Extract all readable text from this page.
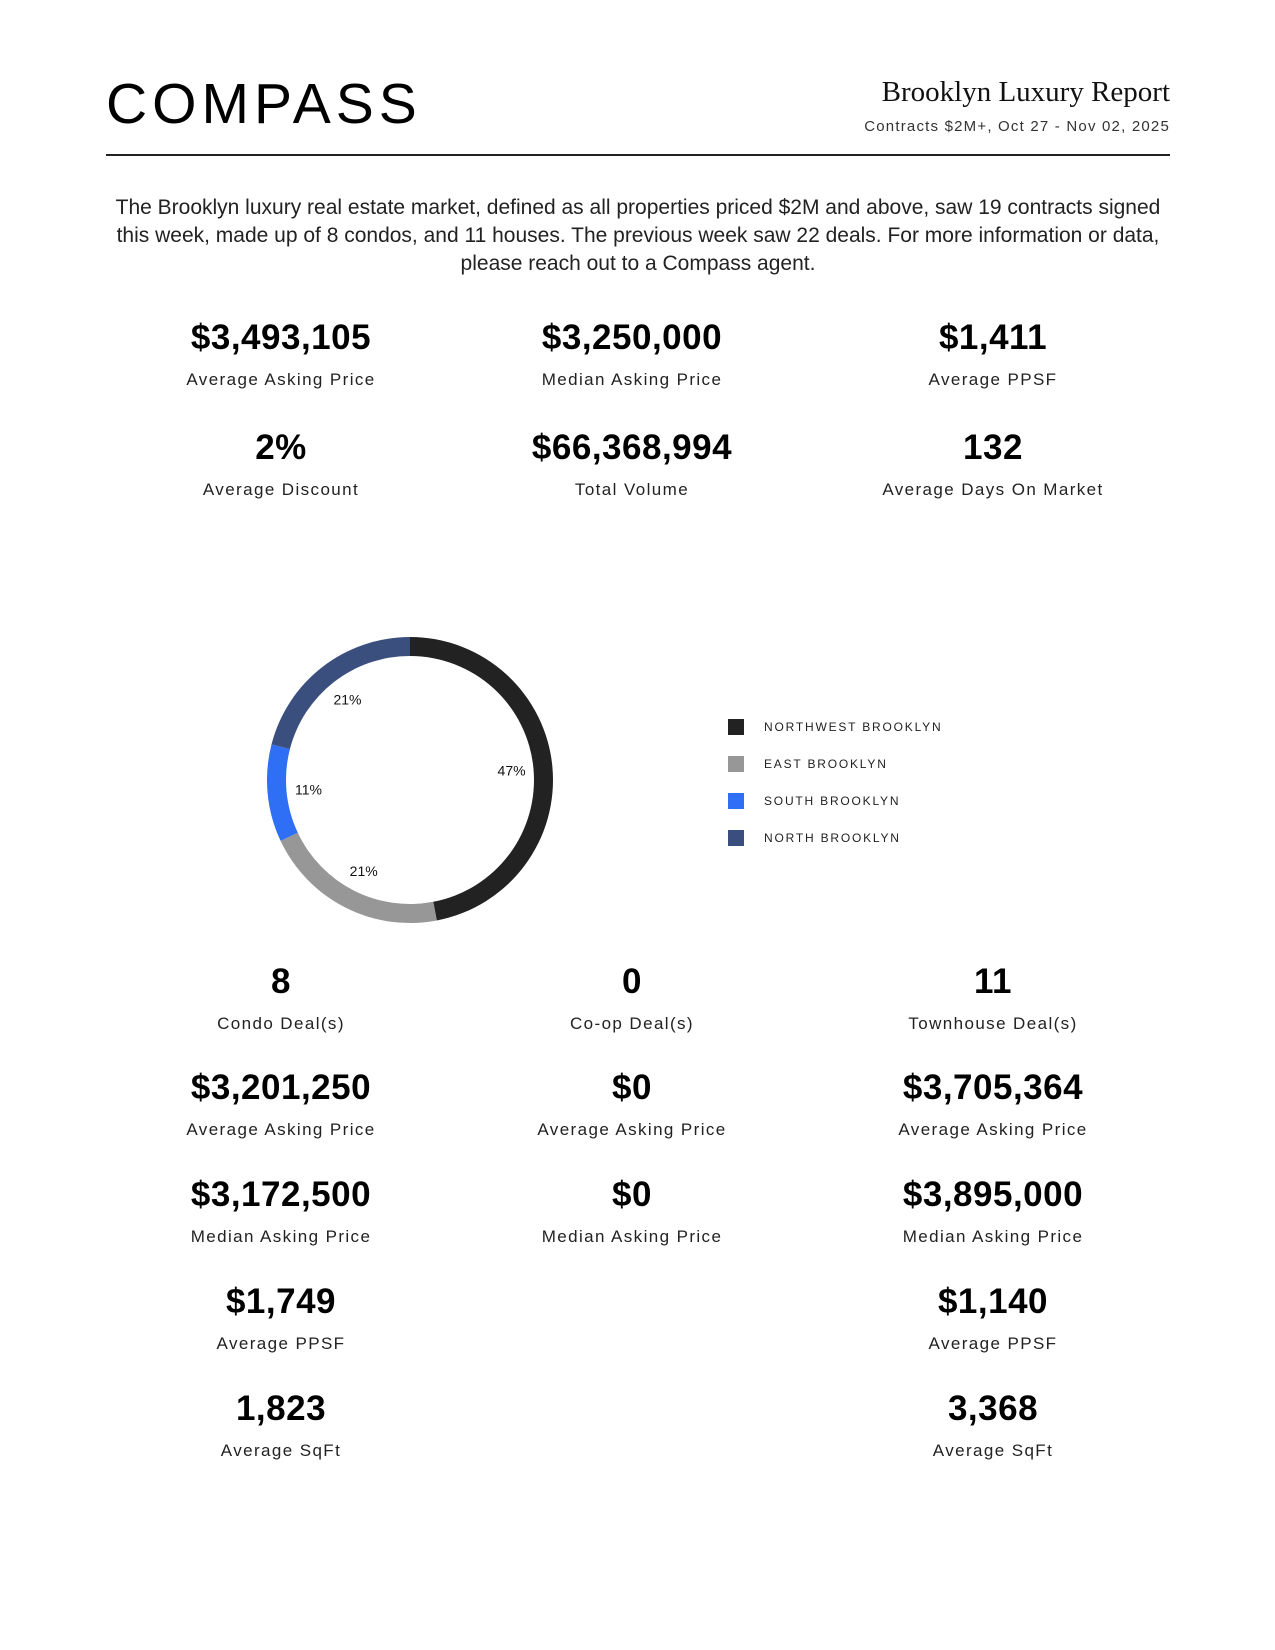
COMPASS	Brooklyn Luxury Report
Contracts $2M+, Oct 27 - Nov 02, 2025

The Brooklyn luxury real estate market, defined as all properties priced $2M and above, saw 19 contracts signed this week, made up of 8 condos, and 11 houses. The previous week saw 22 deals. For more information or data, please reach out to a Compass agent.

$3,493,105
Average Asking Price
$3,250,000
Median Asking Price
$1,411
Average PPSF
2%
Average Discount
$66,368,994
Total Volume
132
Average Days On Market
47%
21%
11%
21%
NORTHWEST BROOKLYN
EAST BROOKLYN
SOUTH BROOKLYN
NORTH BROOKLYN
8
Condo Deal(s)
$3,201,250
Average Asking Price
$3,172,500
Median Asking Price
$1,749
Average PPSF
1,823
Average SqFt
0
Co-op Deal(s)
$0
Average Asking Price
$0
Median Asking Price
11
Townhouse Deal(s)
$3,705,364
Average Asking Price
$3,895,000
Median Asking Price
$1,140
Average PPSF
3,368
Average SqFt
